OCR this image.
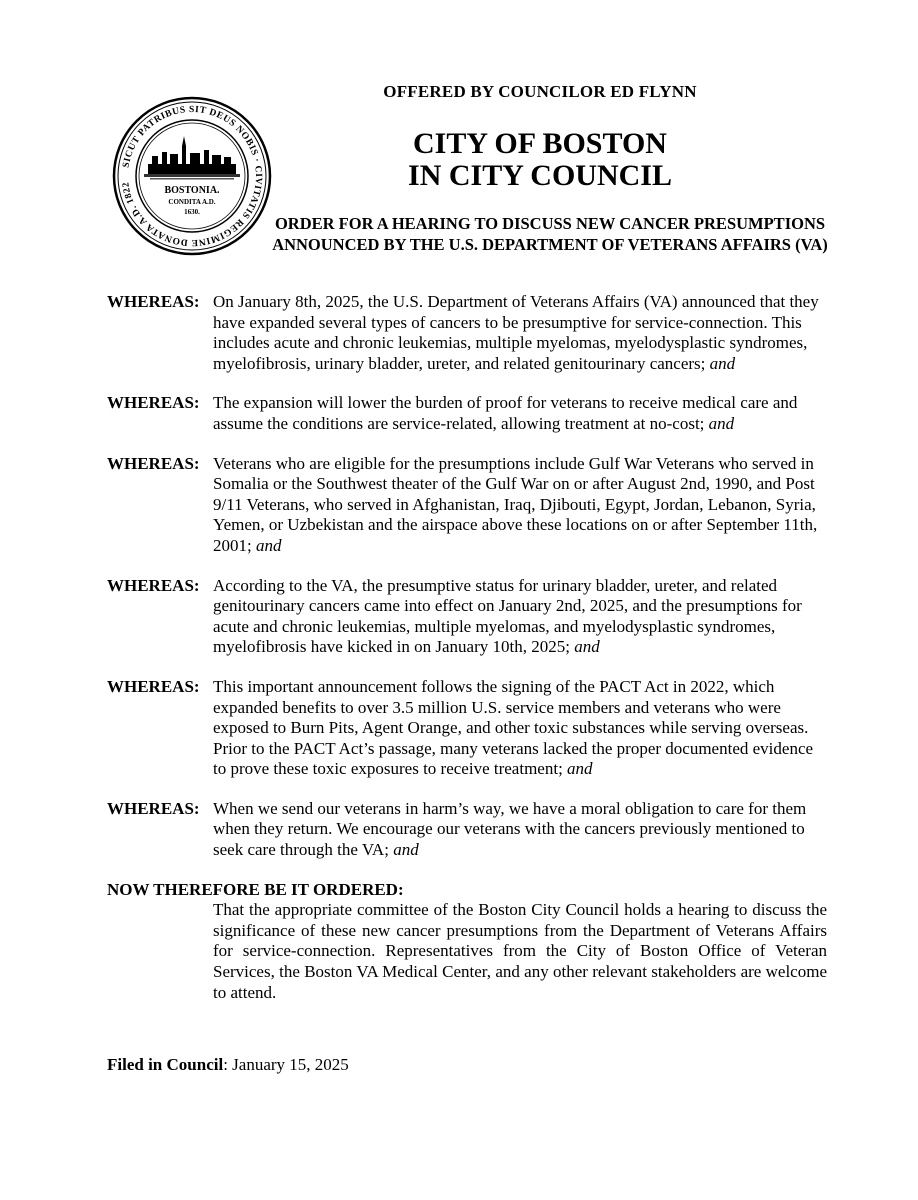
SICUT PATRIBUS SIT DEUS NOBIS · CIVITATIS REGIMINE DONATA A.D. 1822
BOSTONIA.
CONDITA A.D.
1630.
OFFERED BY COUNCILOR ED FLYNN
CITY OF BOSTON
IN CITY COUNCIL
ORDER FOR A HEARING TO DISCUSS NEW CANCER PRESUMPTIONS ANNOUNCED BY THE U.S. DEPARTMENT OF VETERANS AFFAIRS (VA)
WHEREAS: On January 8th, 2025, the U.S. Department of Veterans Affairs (VA) announced that they have expanded several types of cancers to be presumptive for service-connection. This includes acute and chronic leukemias, multiple myelomas, myelodysplastic syndromes, myelofibrosis, urinary bladder, ureter, and related genitourinary cancers; and
WHEREAS: The expansion will lower the burden of proof for veterans to receive medical care and assume the conditions are service-related, allowing treatment at no-cost; and
WHEREAS: Veterans who are eligible for the presumptions include Gulf War Veterans who served in Somalia or the Southwest theater of the Gulf War on or after August 2nd, 1990, and Post 9/11 Veterans, who served in Afghanistan, Iraq, Djibouti, Egypt, Jordan, Lebanon, Syria, Yemen, or Uzbekistan and the airspace above these locations on or after September 11th, 2001; and
WHEREAS: According to the VA, the presumptive status for urinary bladder, ureter, and related genitourinary cancers came into effect on January 2nd, 2025, and the presumptions for acute and chronic leukemias, multiple myelomas, and myelodysplastic syndromes, myelofibrosis have kicked in on January 10th, 2025; and
WHEREAS: This important announcement follows the signing of the PACT Act in 2022, which expanded benefits to over 3.5 million U.S. service members and veterans who were exposed to Burn Pits, Agent Orange, and other toxic substances while serving overseas. Prior to the PACT Act’s passage, many veterans lacked the proper documented evidence to prove these toxic exposures to receive treatment; and
WHEREAS: When we send our veterans in harm’s way, we have a moral obligation to care for them when they return. We encourage our veterans with the cancers previously mentioned to seek care through the VA; and
NOW THEREFORE BE IT ORDERED:
That the appropriate committee of the Boston City Council holds a hearing to discuss the significance of these new cancer presumptions from the Department of Veterans Affairs for service-connection. Representatives from the City of Boston Office of Veteran Services, the Boston VA Medical Center, and any other relevant stakeholders are welcome to attend.
Filed in Council: January 15, 2025
